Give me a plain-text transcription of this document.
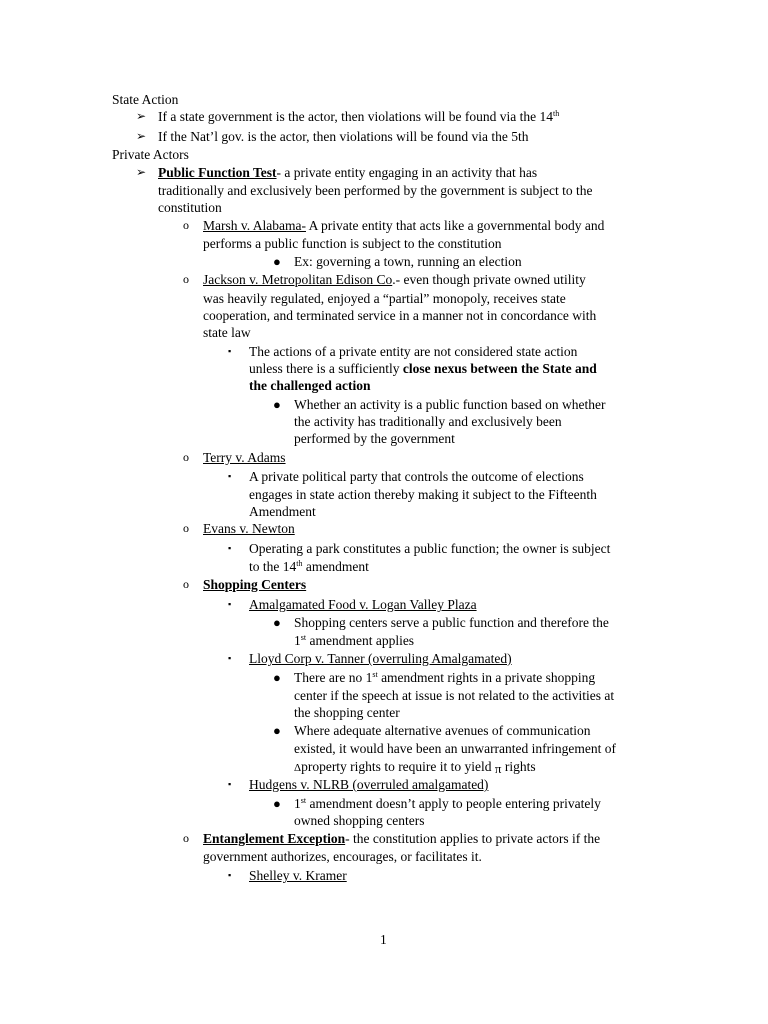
State Action
➢ If a state government is the actor, then violations will be found via the 14th
➢ If the Nat’l gov. is the actor, then violations will be found via the 5th
Private Actors
➢ Public Function Test- a private entity engaging in an activity that has
traditionally and exclusively been performed by the government is subject to the
constitution
o Marsh v. Alabama- A private entity that acts like a governmental body and
performs a public function is subject to the constitution
● Ex: governing a town, running an election
o Jackson v. Metropolitan Edison Co.- even though private owned utility
was heavily regulated, enjoyed a “partial” monopoly, receives state
cooperation, and terminated service in a manner not in concordance with
state law
▪ The actions of a private entity are not considered state action
unless there is a sufficiently close nexus between the State and
the challenged action
● Whether an activity is a public function based on whether
the activity has traditionally and exclusively been
performed by the government
o Terry v. Adams
▪ A private political party that controls the outcome of elections
engages in state action thereby making it subject to the Fifteenth
Amendment
o Evans v. Newton
▪ Operating a park constitutes a public function; the owner is subject
to the 14th amendment
o Shopping Centers
▪ Amalgamated Food v. Logan Valley Plaza
● Shopping centers serve a public function and therefore the
1st amendment applies
▪ Lloyd Corp v. Tanner (overruling Amalgamated)
● There are no 1st amendment rights in a private shopping
center if the speech at issue is not related to the activities at
the shopping center
● Where adequate alternative avenues of communication
existed, it would have been an unwarranted infringement of
Δproperty rights to require it to yield π rights
▪ Hudgens v. NLRB (overruled amalgamated)
● 1st amendment doesn’t apply to people entering privately
owned shopping centers
o Entanglement Exception- the constitution applies to private actors if the
government authorizes, encourages, or facilitates it.
▪ Shelley v. Kramer
1
